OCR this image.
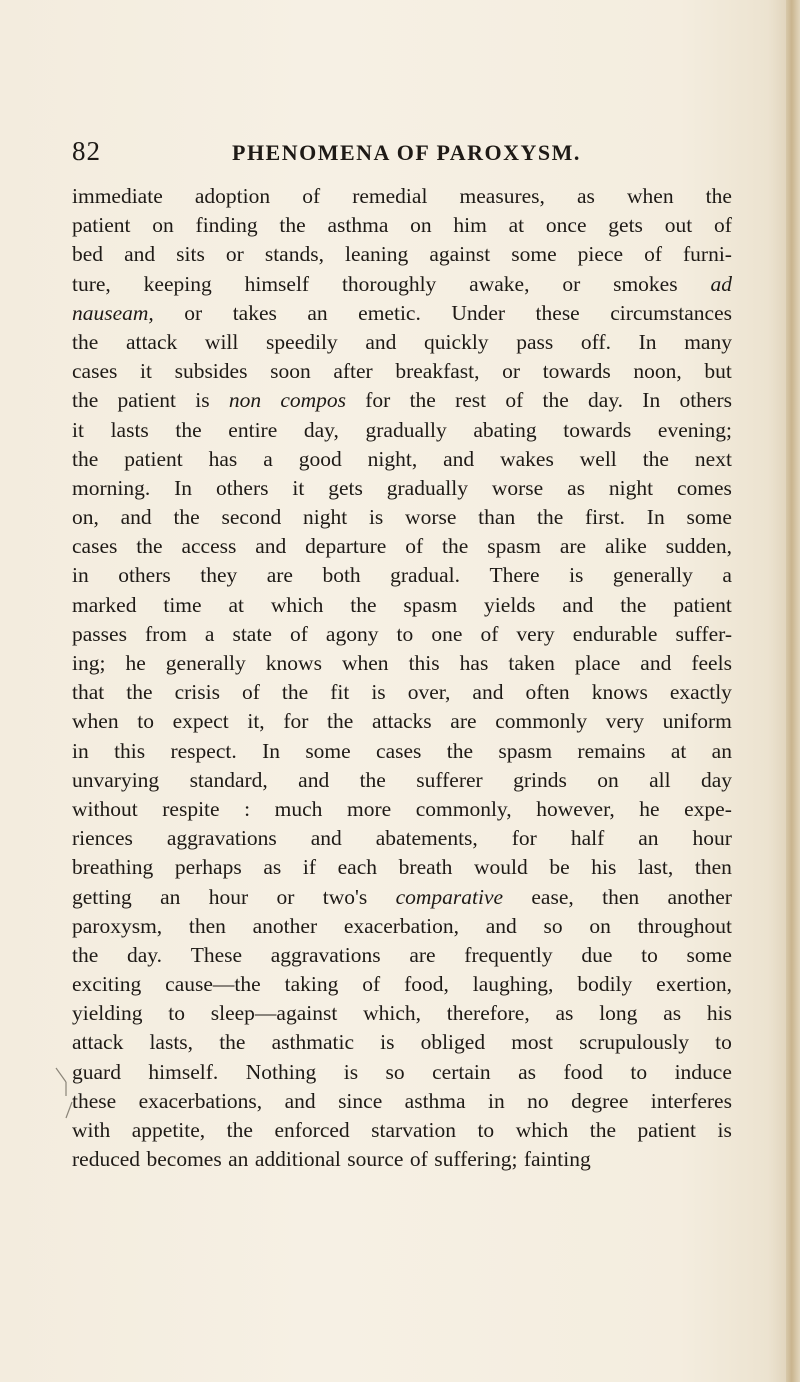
82	PHENOMENA OF PAROXYSM.
immediate adoption of remedial measures, as when the
patient on finding the asthma on him at once gets out of
bed and sits or stands, leaning against some piece of furni-
ture, keeping himself thoroughly awake, or smokes ad
nauseam, or takes an emetic. Under these circumstances
the attack will speedily and quickly pass off. In many
cases it subsides soon after breakfast, or towards noon, but
the patient is non compos for the rest of the day. In others
it lasts the entire day, gradually abating towards evening;
the patient has a good night, and wakes well the next
morning. In others it gets gradually worse as night comes
on, and the second night is worse than the first. In some
cases the access and departure of the spasm are alike sudden,
in others they are both gradual. There is generally a
marked time at which the spasm yields and the patient
passes from a state of agony to one of very endurable suffer-
ing; he generally knows when this has taken place and feels
that the crisis of the fit is over, and often knows exactly
when to expect it, for the attacks are commonly very uniform
in this respect. In some cases the spasm remains at an
unvarying standard, and the sufferer grinds on all day
without respite : much more commonly, however, he expe-
riences aggravations and abatements, for half an hour
breathing perhaps as if each breath would be his last, then
getting an hour or two's comparative ease, then another
paroxysm, then another exacerbation, and so on throughout
the day. These aggravations are frequently due to some
exciting cause—the taking of food, laughing, bodily exertion,
yielding to sleep—against which, therefore, as long as his
attack lasts, the asthmatic is obliged most scrupulously to
guard himself. Nothing is so certain as food to induce
these exacerbations, and since asthma in no degree interferes
with appetite, the enforced starvation to which the patient is
reduced becomes an additional source of suffering; fainting
